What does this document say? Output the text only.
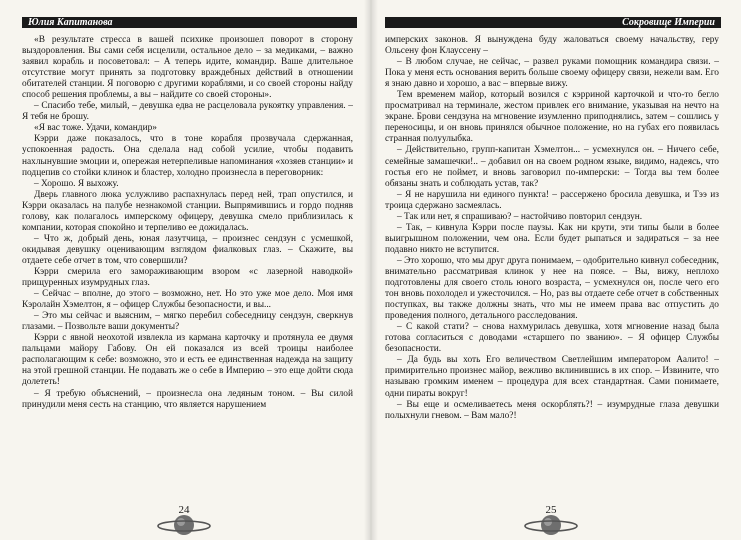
Юлия Капитанова

«В результате стресса в вашей психике произошел поворот в сторону выздоровления. Вы сами себя исцелили, остальное дело – за медиками, – важно заявил корабль и посоветовал: – А теперь идите, командир. Ваше длительное отсутствие могут принять за подготовку враждебных действий в отношении обитателей станции. Я поговорю с другими кораблями, и со своей стороны найду способ решения проблемы, а вы – найдите со своей стороны».

– Спасибо тебе, милый, – девушка едва не расцеловала рукоятку управления. – Я тебя не брошу.

«Я вас тоже. Удачи, командир»

Кэрри даже показалось, что в тоне корабля прозвучала сдержанная, успокоенная радость. Она сделала над собой усилие, чтобы подавить нахлынувшие эмоции и, опережая нетерпеливые напоминания «хозяев станции» и подцепив со стойки клинок и бластер, холодно произнесла в переговорник:

– Хорошо. Я выхожу.

Дверь главного люка услужливо распахнулась перед ней, трап опустился, и Кэрри оказалась на палубе незнакомой станции. Выпрямившись и гордо подняв голову, как полагалось имперскому офицеру, девушка смело приблизилась к компании, которая спокойно и терпеливо ее дожидалась.

– Что ж, добрый день, юная лазутчица, – произнес сендзун с усмешкой, окидывая девушку оценивающим взглядом фиалковых глаз. – Скажите, вы отдаете себе отчет в том, что совершили?

Кэрри смерила его замораживающим взором «с лазерной наводкой» прищуренных изумрудных глаз.

– Сейчас – вполне, до этого – возможно, нет. Но это уже мое дело. Моя имя Кэролайн Хэмелтон, я – офицер Службы безопасности, и вы...

– Это мы сейчас и выясним, – мягко перебил собеседницу сендзун, сверкнув глазами. – Позвольте ваши документы?

Кэрри с явной неохотой извлекла из кармана карточку и протянула ее двумя пальцами майору Габову. Он ей показался из всей троицы наиболее располагающим к себе: возможно, это и есть ее единственная надежда на защиту на этой грешной станции. Не подавать же о себе в Империю – это еще дойти сюда долететь!

– Я требую объяснений, – произнесла она ледяным тоном. – Вы силой принудили меня сесть на станцию, что является нарушением

24
Сокровище Империи

имперских законов. Я вынуждена буду жаловаться своему начальству, геру Ольсену фон Клауссену –

– В любом случае, не сейчас, – развел руками помощник командира связи. – Пока у меня есть основания верить больше своему офицеру связи, нежели вам. Его я знаю давно и хорошо, а вас – впервые вижу.

Тем временем майор, который возился с кэрриной карточкой и что-то бегло просматривал на терминале, жестом привлек его внимание, указывая на нечто на экране. Брови сендзуна на мгновение изумленно приподнялись, затем – сошлись у переносицы, и он вновь принялся обычное положение, но на губах его появилась странная полуулыбка.

– Действительно, групп-капитан Хэмелтон... – усмехнулся он. – Ничего себе, семейные замашечки!.. – добавил он на своем родном языке, видимо, надеясь, что гостья его не поймет, и вновь заговорил по-имперски: – Тогда вы тем более обязаны знать и соблюдать устав, так?

– Я не нарушила ни единого пункта! – рассержено бросила девушка, и Тээ из троица сдержано засмеялась.

– Так или нет, я спрашиваю? – настойчиво повторил сендзун.

– Так, – кивнула Кэрри после паузы. Как ни крути, эти типы были в более выигрышном положении, чем она. Если будет рыпаться и задираться – за нее подавно никто не вступится.

– Это хорошо, что мы друг друга понимаем, – одобрительно кивнул собеседник, внимательно рассматривая клинок у нее на поясе. – Вы, вижу, неплохо подготовлены для своего столь юного возраста, – усмехнулся он, после чего его тон вновь похолодел и ужесточился. – Но, раз вы отдаете себе отчет в собственных поступках, вы также должны знать, что мы не имеем права вас отпустить до проведения полного, детального расследования.

– С какой стати? – снова нахмурилась девушка, хотя мгновение назад была готова согласиться с доводами «старшего по званию». – Я офицер Службы безопасности.

– Да будь вы хоть Его величеством Светлейшим императором Аалито! – примирительно произнес майор, вежливо вклинившись в их спор. – Извините, что называю громким именем – процедура для всех стандартная. Сами понимаете, одни пираты вокруг!

– Вы еще и осмеливаетесь меня оскорблять?! – изумрудные глаза девушки полыхнули гневом. – Вам мало?!

25
